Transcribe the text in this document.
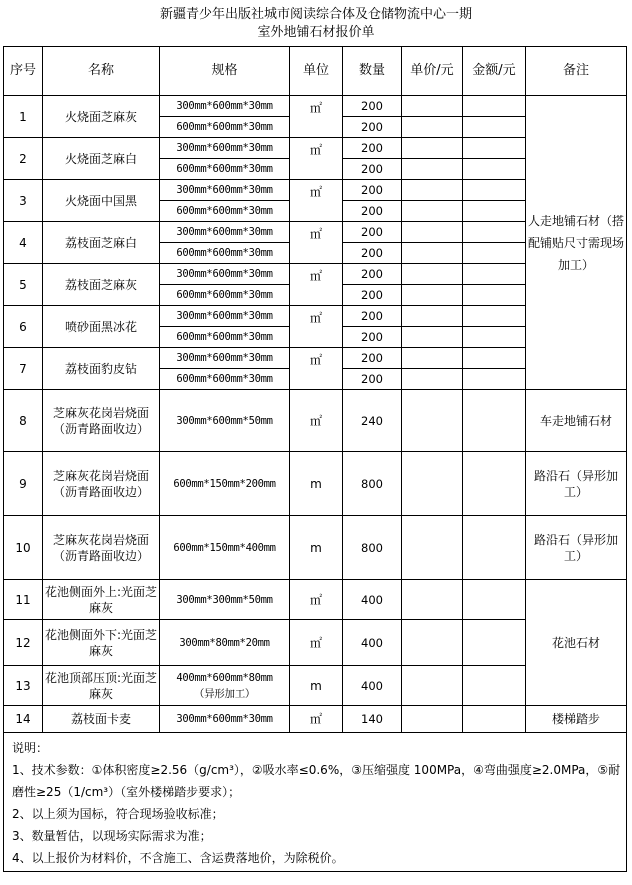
新疆青少年出版社城市阅读综合体及仓储物流中心一期
室外地铺石材报价单
序号	名称	规格	单位	数量	单价/元	金额/元	备注
1	火烧面芝麻灰	300mm*600mm*30mm	㎡	200			人走地铺石材（搭配铺贴尺寸需现场加工）
		600mm*600mm*30mm		200			
2	火烧面芝麻白	300mm*600mm*30mm	㎡	200			
		600mm*600mm*30mm		200			
3	火烧面中国黑	300mm*600mm*30mm	㎡	200			
		600mm*600mm*30mm		200			
4	荔枝面芝麻白	300mm*600mm*30mm	㎡	200			
		600mm*600mm*30mm		200			
5	荔枝面芝麻灰	300mm*600mm*30mm	㎡	200			
		600mm*600mm*30mm		200			
6	喷砂面黑冰花	300mm*600mm*30mm	㎡	200			
		600mm*600mm*30mm		200			
7	荔枝面豹皮钻	300mm*600mm*30mm	㎡	200			
		600mm*600mm*30mm		200			
8	芝麻灰花岗岩烧面（沥青路面收边）	300mm*600mm*50mm	㎡	240			车走地铺石材
9	芝麻灰花岗岩烧面
（沥青路面收边）	600mm*150mm*200mm	m	800			路沿石（异形加工）
10	芝麻灰花岗岩烧面
（沥青路面收边）	600mm*150mm*400mm	m	800			路沿石（异形加工）
11	花池侧面外上:光面芝麻灰	300mm*300mm*50mm	㎡	400			花池石材
12	花池侧面外下:光面芝麻灰	300mm*80mm*20mm	㎡	400			
13	花池顶部压顶:光面芝麻灰	400mm*600mm*80mm
（异形加工）	m	400			
14	荔枝面卡麦	300mm*600mm*30mm	㎡	140			楼梯踏步

说明：
1、技术参数：①体积密度≥2.56（g/cm³），②吸水率≤0.6%，③压缩强度 100MPa，④弯曲强度≥2.0MPa，⑤耐磨性≥25（1/cm³）（室外楼梯踏步要求）；
2、以上须为国标，符合现场验收标准；
3、数量暂估，以现场实际需求为准；
4、以上报价为材料价，不含施工、含运费落地价，为除税价。							
